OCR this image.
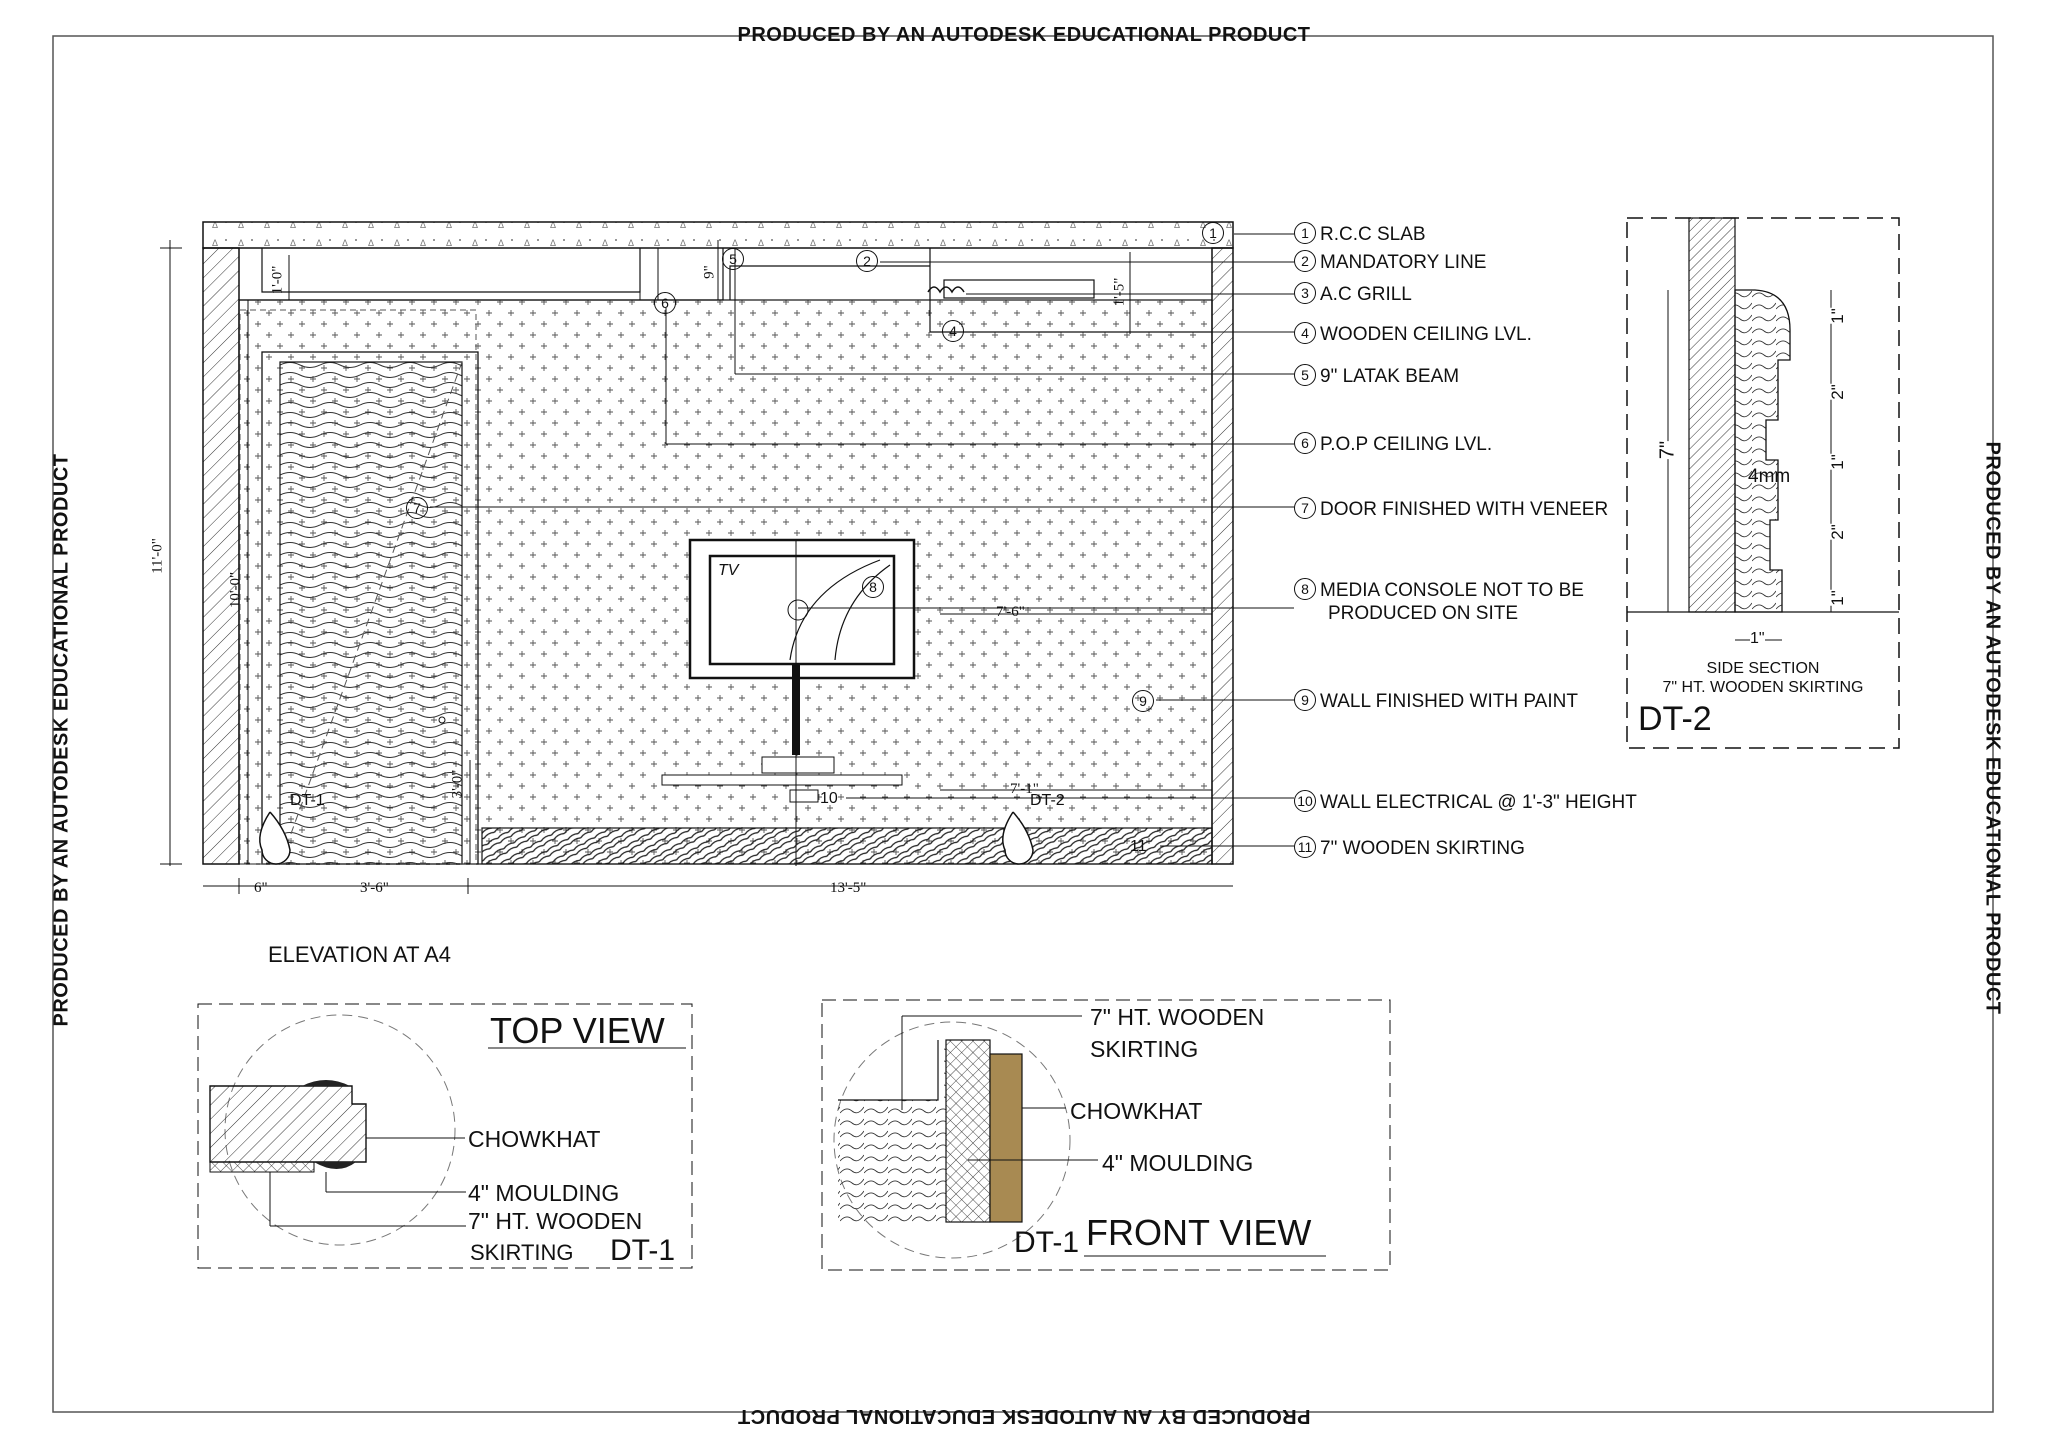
PRODUCED BY AN AUTODESK EDUCATIONAL PRODUCT
PRODUCED BY AN AUTODESK EDUCATIONAL PRODUCT
PRODUCED BY AN AUTODESK EDUCATIONAL PRODUCT	PRODUCED BY AN AUTODESK EDUCATIONAL PRODUCT
1 R.C.C SLAB
2 MANDATORY LINE
3 A.C GRILL
4 WOODEN CEILING LVL.
5 9" LATAK BEAM
6 P.O.P CEILING LVL.
7 DOOR FINISHED WITH VENEER
8 MEDIA CONSOLE NOT TO BE
PRODUCED ON SITE
9 WALL FINISHED WITH PAINT
10 WALL ELECTRICAL @ 1'-3" HEIGHT
11 7" WOODEN SKIRTING
1
2
4
5
6
7
8
9
10
11
TV
DT-1	DT-2
11'-0"
10'-0"
1'-0"	9"
1'-5"
7'-6"
7'-1"
3'-0"
6"	3'-6"	13'-5"
ELEVATION AT A4
7"
4mm
1"
2"
1"
2"
1"
1"
SIDE SECTION
7" HT. WOODEN SKIRTING
DT-2
TOP VIEW
CHOWKHAT
4" MOULDING
7" HT. WOODEN
SKIRTING DT-1
7" HT. WOODEN
SKIRTING
CHOWKHAT
4" MOULDING
FRONT VIEW
DT-1
